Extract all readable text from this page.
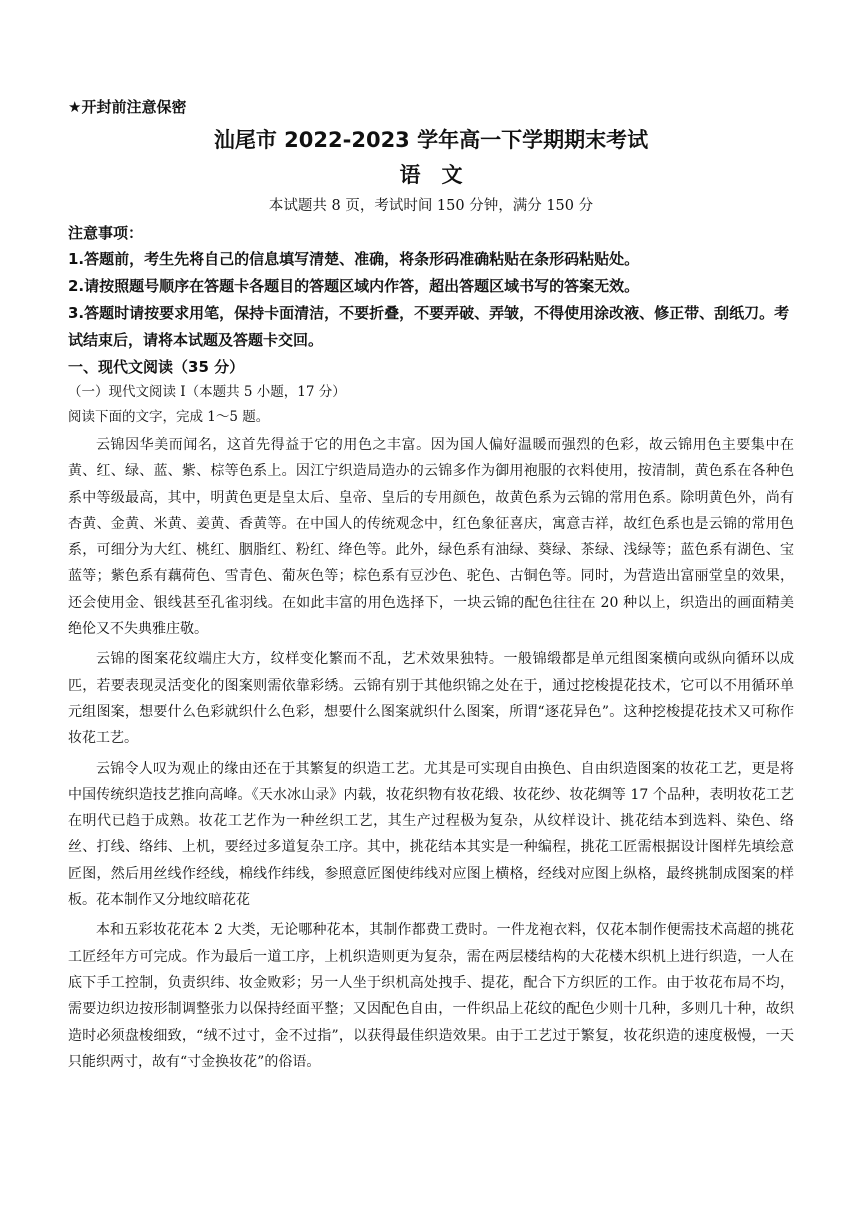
★开封前注意保密
汕尾市 2022-2023 学年高一下学期期末考试
语　文
本试题共 8 页，考试时间 150 分钟，满分 150 分
注意事项：
1.答题前，考生先将自己的信息填写清楚、准确，将条形码准确粘贴在条形码粘贴处。
2.请按照题号顺序在答题卡各题目的答题区域内作答，超出答题区域书写的答案无效。
3.答题时请按要求用笔，保持卡面清洁，不要折叠，不要弄破、弄皱，不得使用涂改液、修正带、刮纸刀。考试结束后，请将本试题及答题卡交回。
一、现代文阅读（35 分）
（一）现代文阅读 I（本题共 5 小题，17 分）
阅读下面的文字，完成 1～5 题。

云锦因华美而闻名，这首先得益于它的用色之丰富。因为国人偏好温暖而强烈的色彩，故云锦用色主要集中在黄、红、绿、蓝、紫、棕等色系上。因江宁织造局造办的云锦多作为御用袍服的衣料使用，按清制，黄色系在各种色系中等级最高，其中，明黄色更是皇太后、皇帝、皇后的专用颜色，故黄色系为云锦的常用色系。除明黄色外，尚有杏黄、金黄、米黄、姜黄、香黄等。在中国人的传统观念中，红色象征喜庆，寓意吉祥，故红色系也是云锦的常用色系，可细分为大红、桃红、胭脂红、粉红、绛色等。此外，绿色系有油绿、葵绿、茶绿、浅绿等；蓝色系有湖色、宝蓝等；紫色系有藕荷色、雪青色、葡灰色等；棕色系有豆沙色、驼色、古铜色等。同时，为营造出富丽堂皇的效果，还会使用金、银线甚至孔雀羽线。在如此丰富的用色选择下，一块云锦的配色往往在 20 种以上，织造出的画面精美绝伦又不失典雅庄敬。

云锦的图案花纹端庄大方，纹样变化繁而不乱，艺术效果独特。一般锦缎都是单元组图案横向或纵向循环以成匹，若要表现灵活变化的图案则需依靠彩绣。云锦有别于其他织锦之处在于，通过挖梭提花技术，它可以不用循环单元组图案，想要什么色彩就织什么色彩，想要什么图案就织什么图案，所谓“逐花异色”。这种挖梭提花技术又可称作妆花工艺。

云锦令人叹为观止的缘由还在于其繁复的织造工艺。尤其是可实现自由换色、自由织造图案的妆花工艺，更是将中国传统织造技艺推向高峰。《天水冰山录》内载，妆花织物有妆花缎、妆花纱、妆花绸等 17 个品种，表明妆花工艺在明代已趋于成熟。妆花工艺作为一种丝织工艺，其生产过程极为复杂，从纹样设计、挑花结本到选料、染色、络丝、打线、络纬、上机，要经过多道复杂工序。其中，挑花结本其实是一种编程，挑花工匠需根据设计图样先填绘意匠图，然后用丝线作经线，棉线作纬线，参照意匠图使纬线对应图上横格，经线对应图上纵格，最终挑制成图案的样板。花本制作又分地纹暗花花

本和五彩妆花花本 2 大类，无论哪种花本，其制作都费工费时。一件龙袍衣料，仅花本制作便需技术高超的挑花工匠经年方可完成。作为最后一道工序，上机织造则更为复杂，需在两层楼结构的大花楼木织机上进行织造，一人在底下手工控制，负责织纬、妆金败彩；另一人坐于织机高处拽手、提花，配合下方织匠的工作。由于妆花布局不均，需要边织边按形制调整张力以保持经面平整；又因配色自由，一件织品上花纹的配色少则十几种，多则几十种，故织造时必须盘梭细致，“绒不过寸，金不过指”，以获得最佳织造效果。由于工艺过于繁复，妆花织造的速度极慢，一天只能织两寸，故有“寸金换妆花”的俗语。
